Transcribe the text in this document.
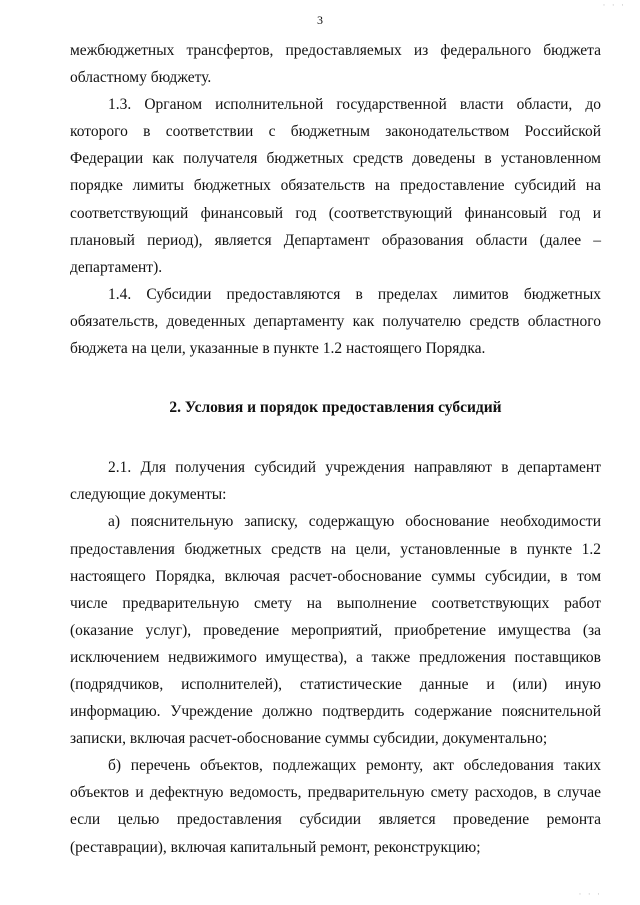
· · ·
3

межбюджетных трансфертов, предоставляемых из федерального бюджета областному бюджету.

1.3. Органом исполнительной государственной власти области, до которого в соответствии с бюджетным законодательством Российской Федерации как получателя бюджетных средств доведены в установленном порядке лимиты бюджетных обязательств на предоставление субсидий на соответствующий финансовый год (соответствующий финансовый год и плановый период), является Департамент образования области (далее – департамент).

1.4. Субсидии предоставляются в пределах лимитов бюджетных обязательств, доведенных департаменту как получателю средств областного бюджета на цели, указанные в пункте 1.2 настоящего Порядка.

2. Условия и порядок предоставления субсидий

2.1. Для получения субсидий учреждения направляют в департамент следующие документы:

а) пояснительную записку, содержащую обоснование необходимости предоставления бюджетных средств на цели, установленные в пункте 1.2 настоящего Порядка, включая расчет-обоснование суммы субсидии, в том числе предварительную смету на выполнение соответствующих работ (оказание услуг), проведение мероприятий, приобретение имущества (за исключением недвижимого имущества), а также предложения поставщиков (подрядчиков, исполнителей), статистические данные и (или) иную информацию. Учреждение должно подтвердить содержание пояснительной записки, включая расчет-обоснование суммы субсидии, документально;

б) перечень объектов, подлежащих ремонту, акт обследования таких объектов и дефектную ведомость, предварительную смету расходов, в случае если целью предоставления субсидии является проведение ремонта (реставрации), включая капитальный ремонт, реконструкцию;

· · ·
